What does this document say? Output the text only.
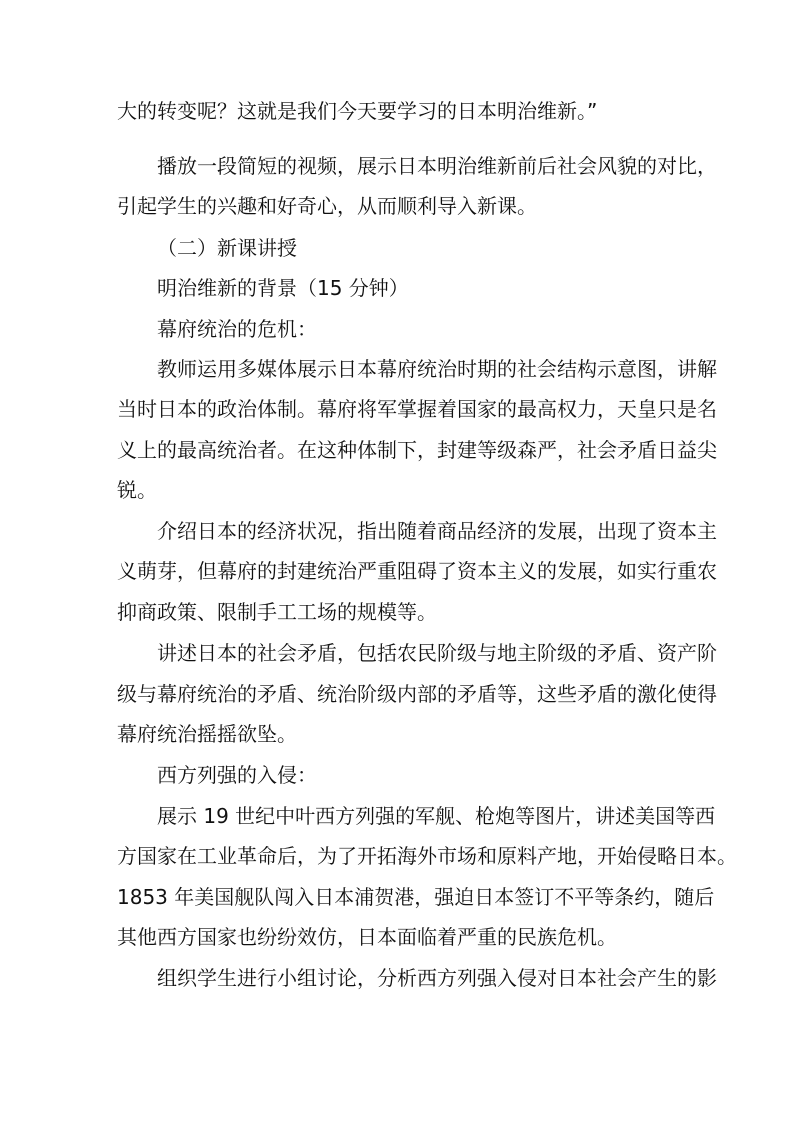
大的转变呢？这就是我们今天要学习的日本明治维新。”
播放一段简短的视频，展示日本明治维新前后社会风貌的对比，
引起学生的兴趣和好奇心，从而顺利导入新课。
（二）新课讲授
明治维新的背景（15 分钟）
幕府统治的危机：
教师运用多媒体展示日本幕府统治时期的社会结构示意图，讲解
当时日本的政治体制。幕府将军掌握着国家的最高权力，天皇只是名
义上的最高统治者。在这种体制下，封建等级森严，社会矛盾日益尖
锐。
介绍日本的经济状况，指出随着商品经济的发展，出现了资本主
义萌芽，但幕府的封建统治严重阻碍了资本主义的发展，如实行重农
抑商政策、限制手工工场的规模等。
讲述日本的社会矛盾，包括农民阶级与地主阶级的矛盾、资产阶
级与幕府统治的矛盾、统治阶级内部的矛盾等，这些矛盾的激化使得
幕府统治摇摇欲坠。
西方列强的入侵：
展示 19 世纪中叶西方列强的军舰、枪炮等图片，讲述美国等西
方国家在工业革命后，为了开拓海外市场和原料产地，开始侵略日本。
1853 年美国舰队闯入日本浦贺港，强迫日本签订不平等条约，随后
其他西方国家也纷纷效仿，日本面临着严重的民族危机。
组织学生进行小组讨论，分析西方列强入侵对日本社会产生的影
